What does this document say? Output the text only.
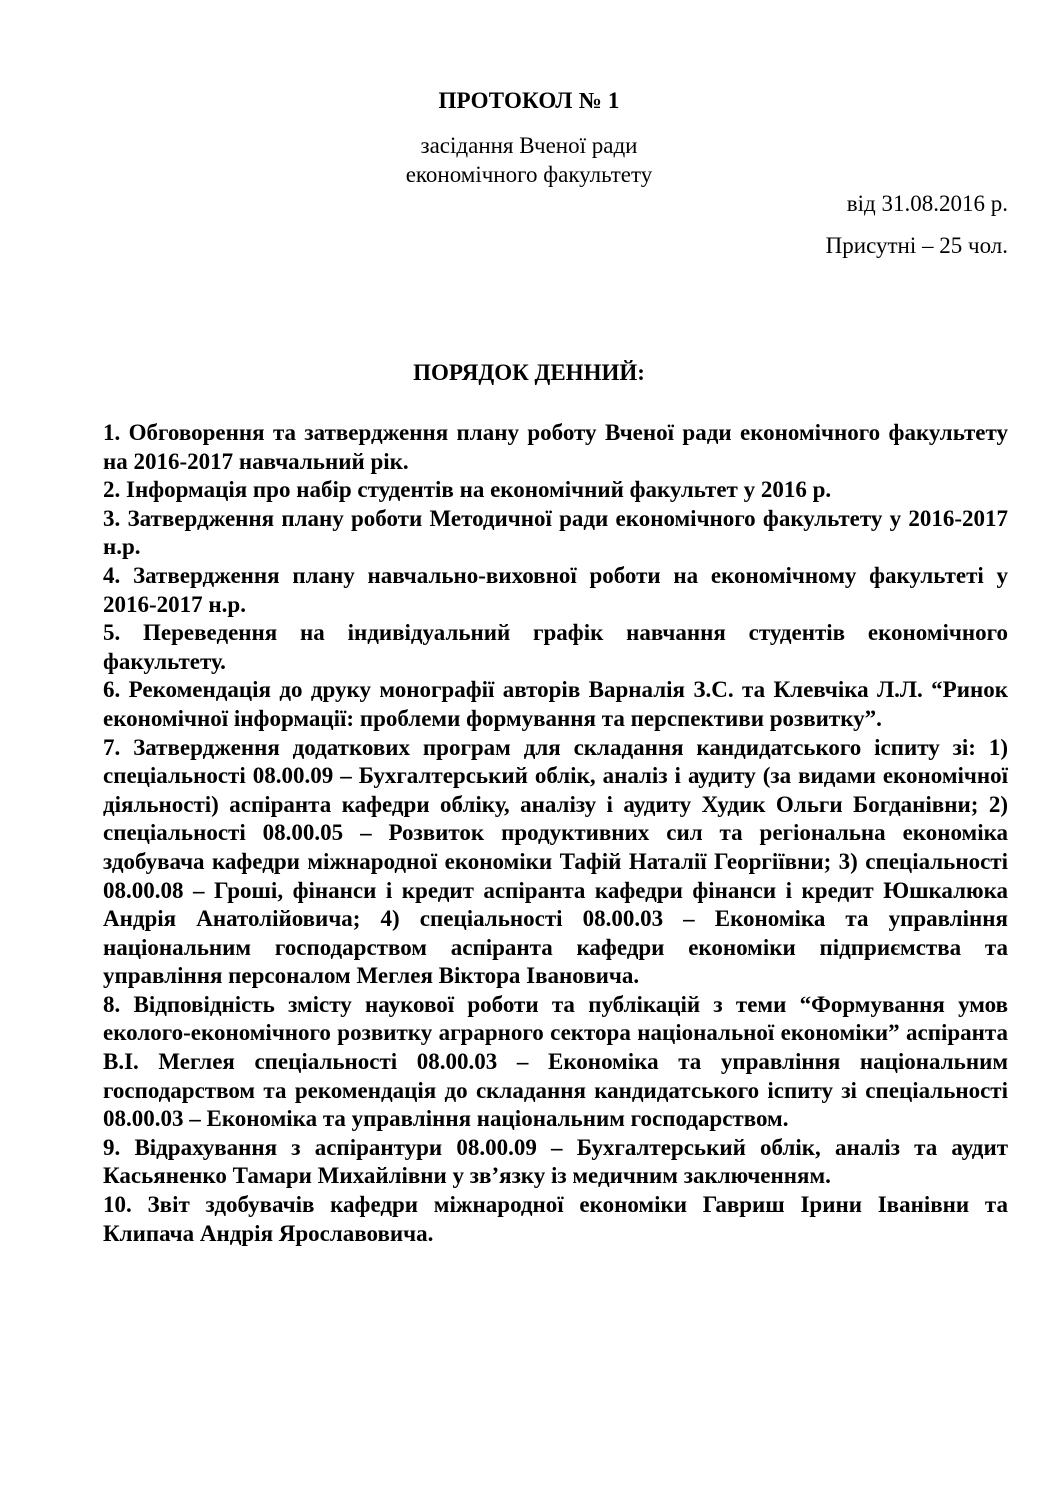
ПРОТОКОЛ № 1
засідання Вченої ради
економічного факультету
від 31.08.2016 р.
Присутні – 25 чол.
ПОРЯДОК ДЕННИЙ:
1. Обговорення та затвердження плану роботу Вченої ради економічного факультету на 2016-2017 навчальний рік.
2. Інформація про набір студентів на економічний факультет у 2016 р.
3. Затвердження плану роботи Методичної ради економічного факультету у 2016-2017 н.р.
4. Затвердження плану навчально-виховної роботи на економічному факультеті у 2016-2017 н.р.
5. Переведення на індивідуальний графік навчання студентів економічного факультету.
6. Рекомендація до друку монографії авторів Варналія З.С. та Клевчіка Л.Л. “Ринок економічної інформації: проблеми формування та перспективи розвитку”.
7. Затвердження додаткових програм для складання кандидатського іспиту зі: 1) спеціальності 08.00.09 – Бухгалтерський облік, аналіз і аудиту (за видами економічної діяльності) аспіранта кафедри обліку, аналізу і аудиту Худик Ольги Богданівни; 2) спеціальності 08.00.05 – Розвиток продуктивних сил та регіональна економіка здобувача кафедри міжнародної економіки Тафій Наталії Георгіївни; 3) спеціальності 08.00.08 – Гроші, фінанси і кредит аспіранта кафедри фінанси і кредит Юшкалюка Андрія Анатолійовича; 4) спеціальності 08.00.03 – Економіка та управління національним господарством аспіранта кафедри економіки підприємства та управління персоналом Меглея Віктора Івановича.
8. Відповідність змісту наукової роботи та публікацій з теми “Формування умов еколого-економічного розвитку аграрного сектора національної економіки” аспіранта В.І. Меглея спеціальності 08.00.03 – Економіка та управління національним господарством та рекомендація до складання кандидатського іспиту зі спеціальності 08.00.03 – Економіка та управління національним господарством.
9. Відрахування з аспірантури 08.00.09 – Бухгалтерський облік, аналіз та аудит Касьяненко Тамари Михайлівни у зв’язку із медичним заключенням.
10. Звіт здобувачів кафедри міжнародної економіки Гавриш Ірини Іванівни та Клипача Андрія Ярославовича.
